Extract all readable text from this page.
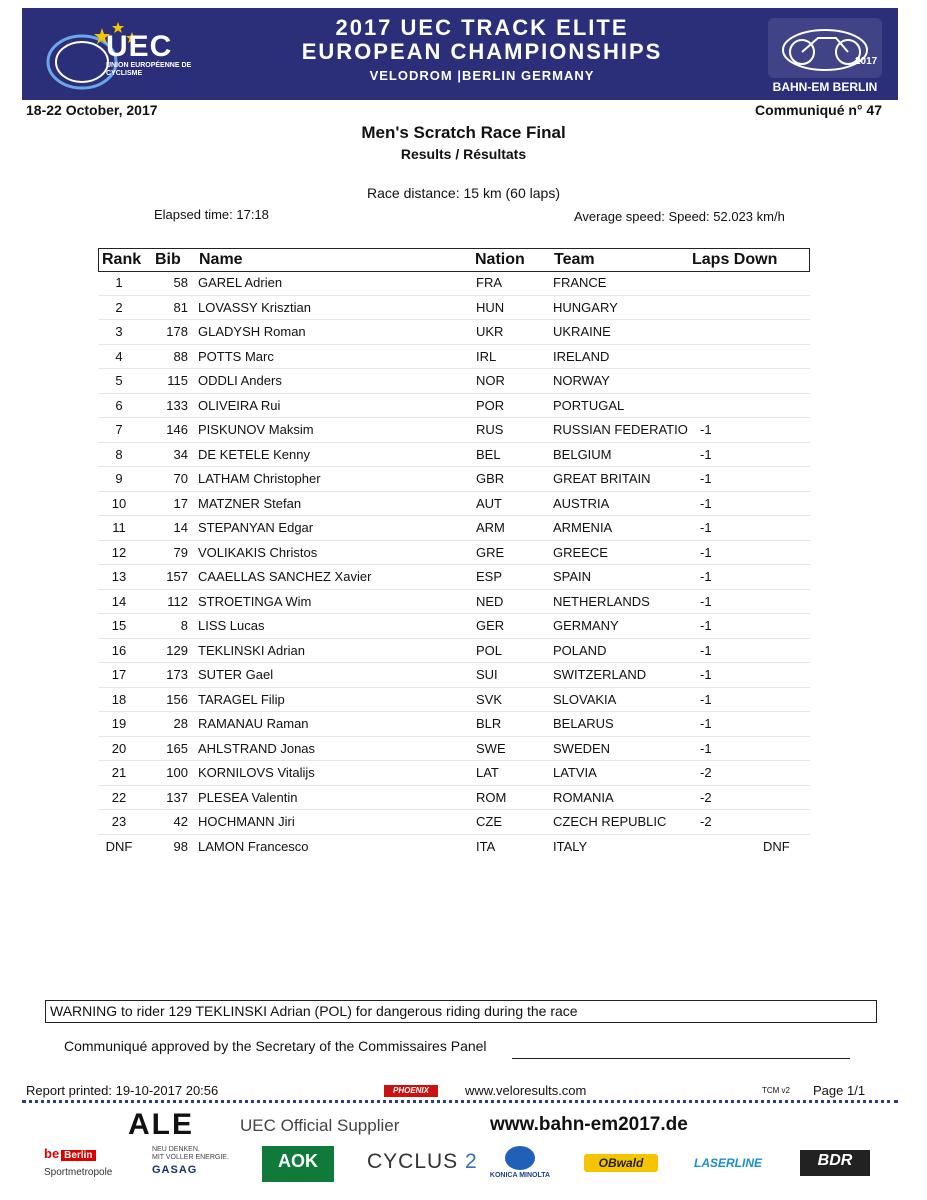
UEC
UNION EUROPÉENNE DE CYCLISME
2017 UEC TRACK ELITE
EUROPEAN CHAMPIONSHIPS
VELODROM |BERLIN GERMANY
2017
BAHN-EM BERLIN
18-22 October, 2017	Communiqué n° 47
Men's Scratch Race Final
Results / Résultats
Race distance: 15 km (60 laps)
Elapsed time: 17:18	Average speed: Speed: 52.023 km/h
Rank Bib Name	Nation Team	Laps Down
1	58 GAREL Adrien	FRA	FRANCE
2	81 LOVASSY Krisztian	HUN	HUNGARY
3	178 GLADYSH Roman	UKR	UKRAINE
4	88 POTTS Marc	IRL	IRELAND
5	115 ODDLI Anders	NOR	NORWAY
6	133 OLIVEIRA Rui	POR	PORTUGAL
7	146 PISKUNOV Maksim	RUS	RUSSIAN FEDERATIO -1
8	34 DE KETELE Kenny	BEL	BELGIUM	-1
9	70 LATHAM Christopher	GBR	GREAT BRITAIN	-1
10	17 MATZNER Stefan	AUT	AUSTRIA	-1
11	14 STEPANYAN Edgar	ARM	ARMENIA	-1
12	79 VOLIKAKIS Christos	GRE	GREECE	-1
13	157 CAAELLAS SANCHEZ Xavier	ESP	SPAIN	-1
14	112 STROETINGA Wim	NED	NETHERLANDS	-1
15	8 LISS Lucas	GER	GERMANY	-1
16	129 TEKLINSKI Adrian	POL	POLAND	-1
17	173 SUTER Gael	SUI	SWITZERLAND	-1
18	156 TARAGEL Filip	SVK	SLOVAKIA	-1
19	28 RAMANAU Raman	BLR	BELARUS	-1
20	165 AHLSTRAND Jonas	SWE	SWEDEN	-1
21	100 KORNILOVS Vitalijs	LAT	LATVIA	-2
22	137 PLESEA Valentin	ROM	ROMANIA	-2
23	42 HOCHMANN Jiri	CZE	CZECH REPUBLIC	-2
DNF	98 LAMON Francesco	ITA	ITALY	DNF
WARNING to rider 129 TEKLINSKI Adrian (POL) for dangerous riding during the race
Communiqué approved by the Secretary of the Commissaires Panel
Report printed: 19-10-2017 20:56	PHOENIX	www.veloresults.com	TCM v2 Page 1/1
ALE	UEC Official Supplier	www.bahn-em2017.de
be Berlin
Sportmetropole
NEU DENKEN.
MIT VOLLER ENERGIE.
GASAG	AOK	CYCLUS 2
KONICA MINOLTA
OBwald	LASERLINE	BDR
